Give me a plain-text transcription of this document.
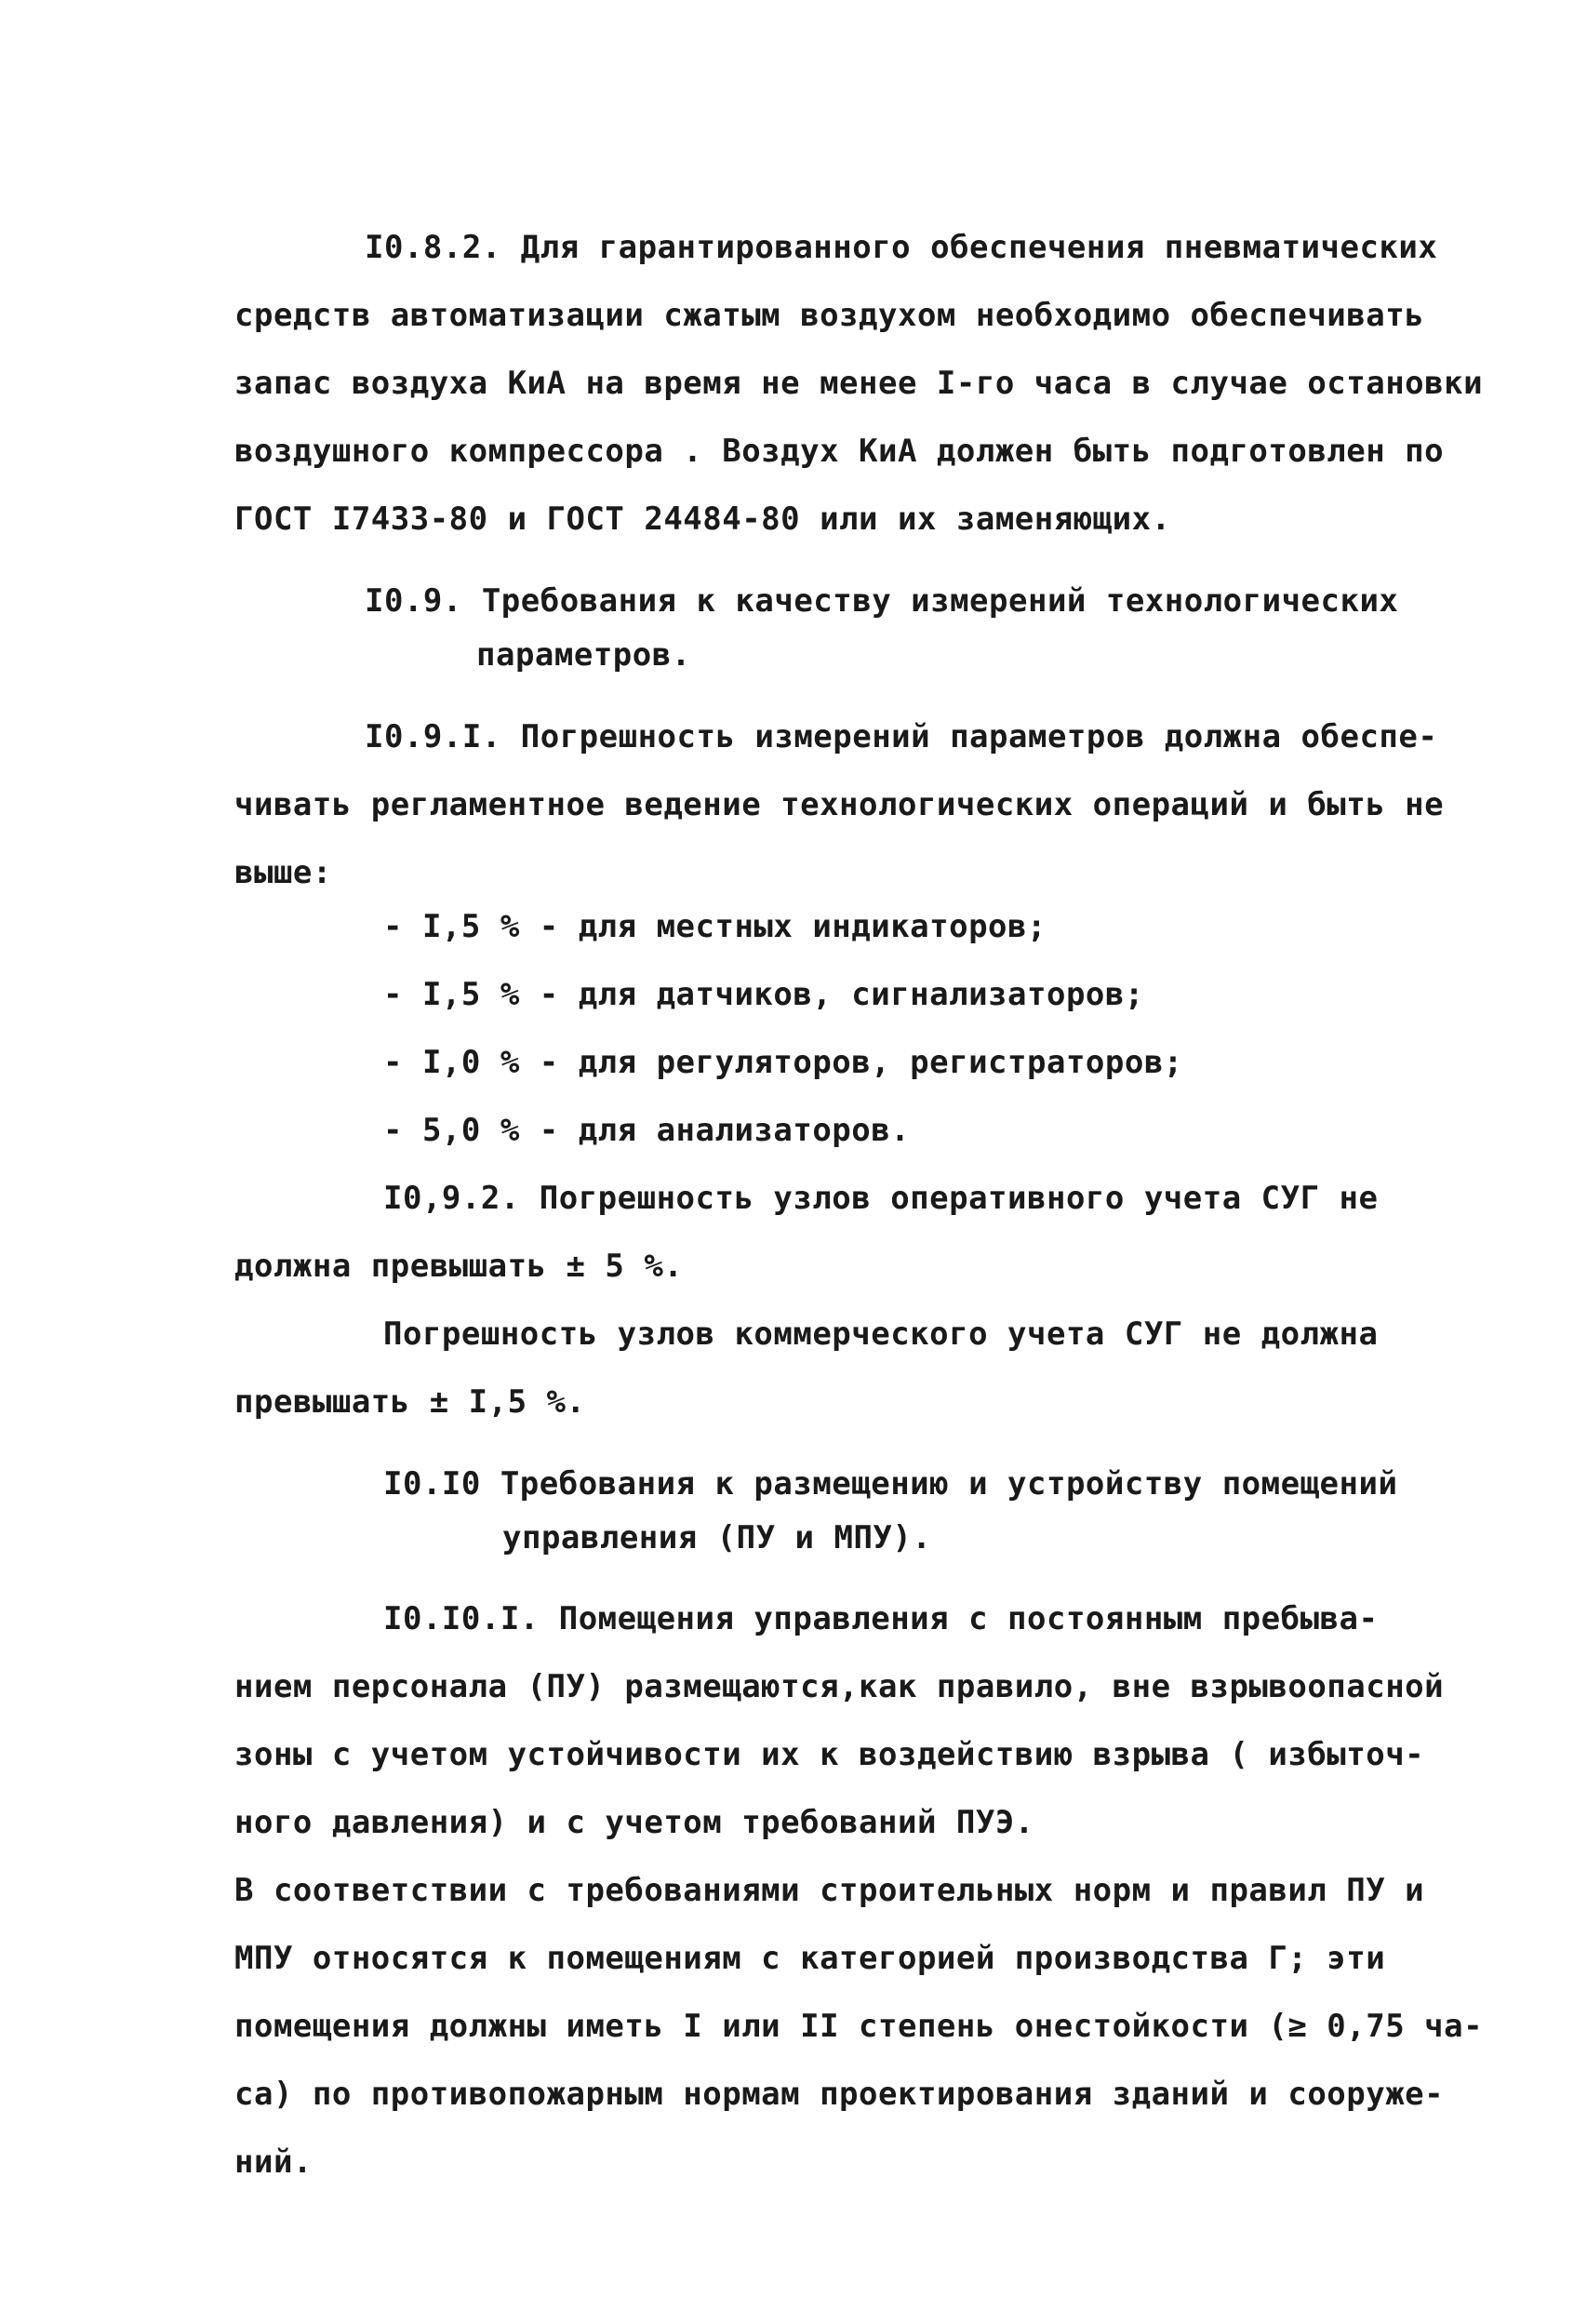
I0.8.2. Для гарантированного обеспечения пневматических
средств автоматизации сжатым воздухом необходимо обеспечивать
запас воздуха КиА на время не менее I-го часа в случае остановки
воздушного компрессора . Воздух КиА должен быть подготовлен по
ГОСТ I7433-80 и ГОСТ 24484-80 или их заменяющих.
I0.9. Требования к качеству измерений технологических
параметров.
I0.9.I. Погрешность измерений параметров должна обеспе-
чивать регламентное ведение технологических операций и быть не
выше:
- I,5 % - для местных индикаторов;
- I,5 % - для датчиков, сигнализаторов;
- I,0 % - для регуляторов, регистраторов;
- 5,0 % - для анализаторов.
I0,9.2. Погрешность узлов оперативного учета СУГ не
должна превышать ± 5 %.
Погрешность узлов коммерческого учета СУГ не должна
превышать ± I,5 %.
I0.I0 Требования к размещению и устройству помещений
управления (ПУ и МПУ).
I0.I0.I. Помещения управления с постоянным пребыва-
нием персонала (ПУ) размещаются,как правило, вне взрывоопасной
зоны с учетом устойчивости их к воздействию взрыва ( избыточ-
ного давления) и с учетом требований ПУЭ.
В соответствии с требованиями строительных норм и правил ПУ и
МПУ относятся к помещениям с категорией производства Г; эти
помещения должны иметь I или II степень онестойкости (≥ 0,75 ча-
са) по противопожарным нормам проектирования зданий и сооруже-
ний.
